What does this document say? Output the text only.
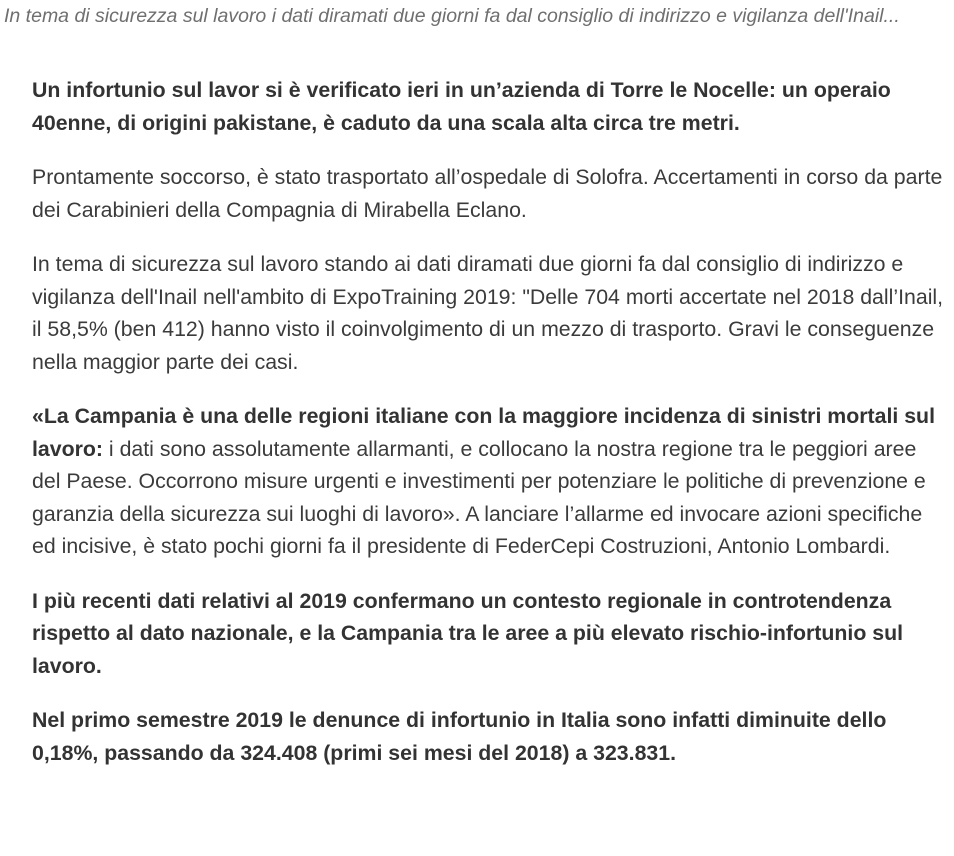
In tema di sicurezza sul lavoro i dati diramati due giorni fa dal consiglio di indirizzo e vigilanza dell'Inail...

Un infortunio sul lavor si è verificato ieri in un’azienda di Torre le Nocelle: un operaio 40enne, di origini pakistane, è caduto da una scala alta circa tre metri.

Prontamente soccorso, è stato trasportato all’ospedale di Solofra. Accertamenti in corso da parte dei Carabinieri della Compagnia di Mirabella Eclano.

In tema di sicurezza sul lavoro stando ai dati diramati due giorni fa dal consiglio di indirizzo e vigilanza dell'Inail nell'ambito di ExpoTraining 2019: "Delle 704 morti accertate nel 2018 dall’Inail, il 58,5% (ben 412) hanno visto il coinvolgimento di un mezzo di trasporto. Gravi le conseguenze nella maggior parte dei casi.

«La Campania è una delle regioni italiane con la maggiore incidenza di sinistri mortali sul lavoro: i dati sono assolutamente allarmanti, e collocano la nostra regione tra le peggiori aree del Paese. Occorrono misure urgenti e investimenti per potenziare le politiche di prevenzione e garanzia della sicurezza sui luoghi di lavoro». A lanciare l’allarme ed invocare azioni specifiche ed incisive, è stato pochi giorni fa il presidente di FederCepi Costruzioni, Antonio Lombardi.

I più recenti dati relativi al 2019 confermano un contesto regionale in controtendenza rispetto al dato nazionale, e la Campania tra le aree a più elevato rischio-infortunio sul lavoro.

Nel primo semestre 2019 le denunce di infortunio in Italia sono infatti diminuite dello 0,18%, passando da 324.408 (primi sei mesi del 2018) a 323.831.
